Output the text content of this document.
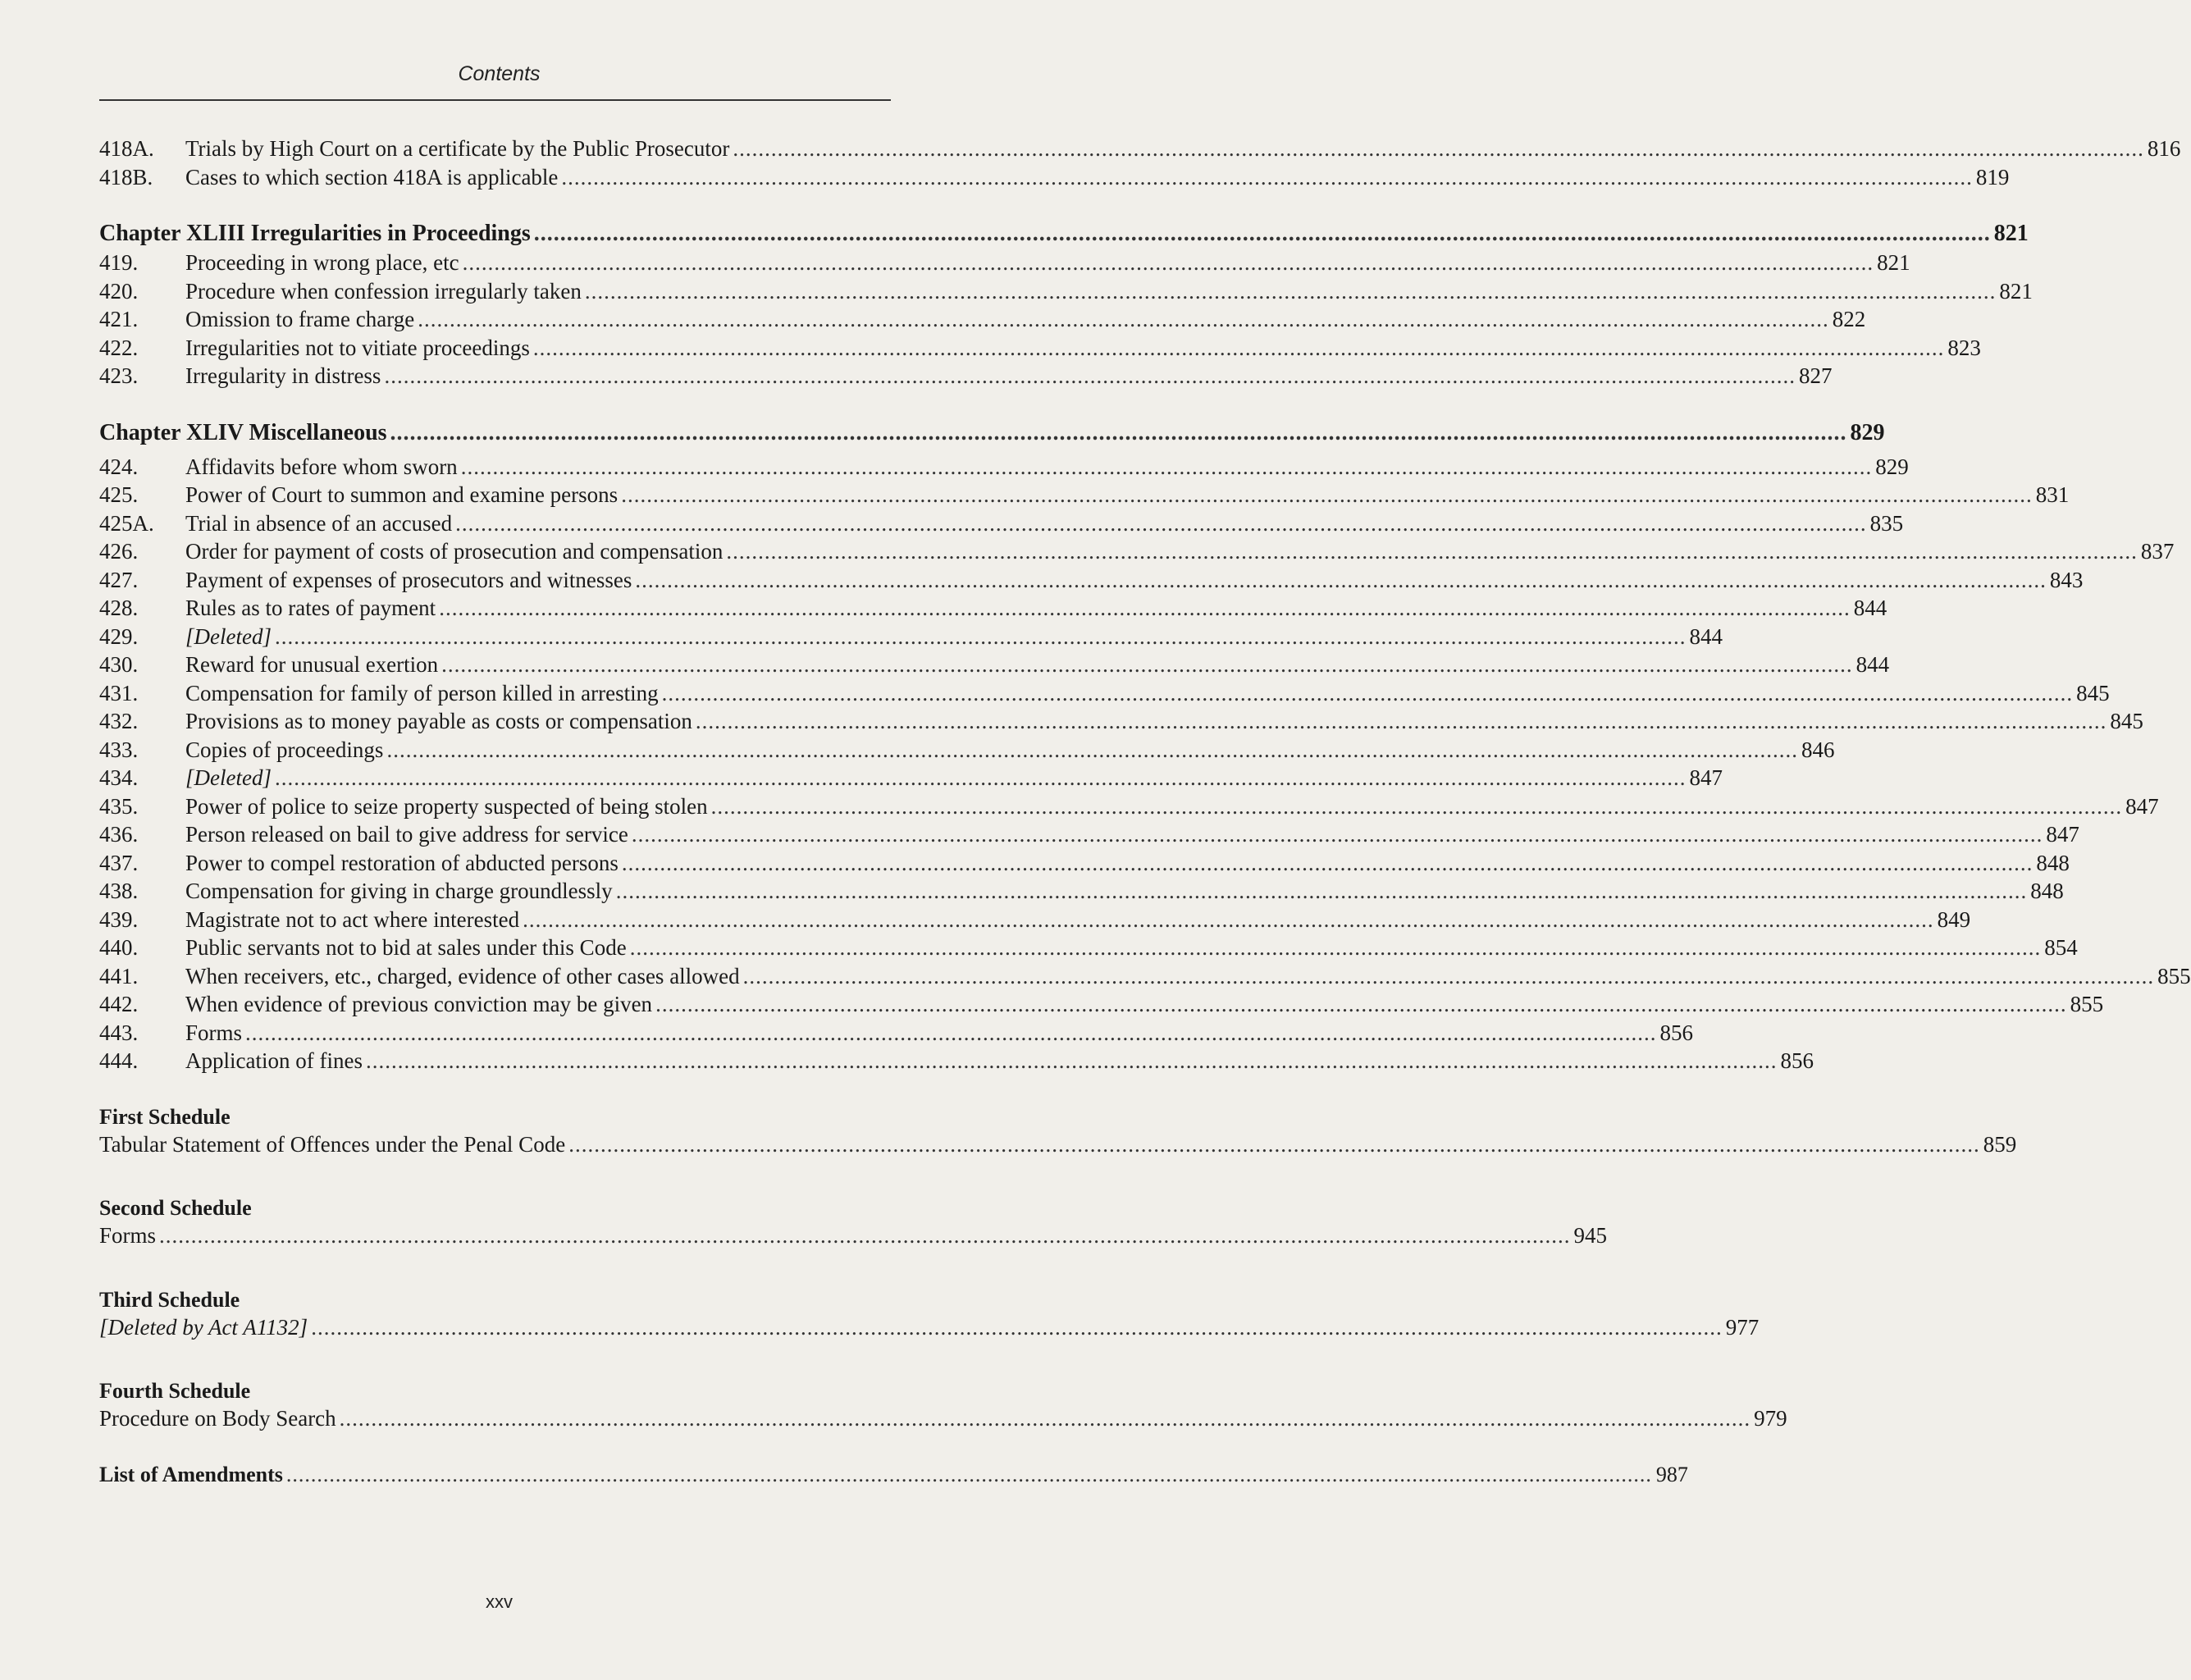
Contents
418A.	Trials by High Court on a certificate by the Public Prosecutor .............................................................................................................................................................................................................................. 816
418B.	Cases to which section 418A is applicable .............................................................................................................................................................................................................................. 819
Chapter XLIII Irregularities in Proceedings .............................................................................................................................................................................................................................. 821
419.	Proceeding in wrong place, etc .............................................................................................................................................................................................................................. 821
420.	Procedure when confession irregularly taken .............................................................................................................................................................................................................................. 821
421.	Omission to frame charge .............................................................................................................................................................................................................................. 822
422.	Irregularities not to vitiate proceedings .............................................................................................................................................................................................................................. 823
423.	Irregularity in distress .............................................................................................................................................................................................................................. 827
Chapter XLIV Miscellaneous .............................................................................................................................................................................................................................. 829
424.	Affidavits before whom sworn .............................................................................................................................................................................................................................. 829
425.	Power of Court to summon and examine persons .............................................................................................................................................................................................................................. 831
425A.	Trial in absence of an accused .............................................................................................................................................................................................................................. 835
426.	Order for payment of costs of prosecution and compensation .............................................................................................................................................................................................................................. 837
427.	Payment of expenses of prosecutors and witnesses .............................................................................................................................................................................................................................. 843
428.	Rules as to rates of payment .............................................................................................................................................................................................................................. 844
429.	[Deleted] .............................................................................................................................................................................................................................. 844
430.	Reward for unusual exertion .............................................................................................................................................................................................................................. 844
431.	Compensation for family of person killed in arresting .............................................................................................................................................................................................................................. 845
432.	Provisions as to money payable as costs or compensation .............................................................................................................................................................................................................................. 845
433.	Copies of proceedings .............................................................................................................................................................................................................................. 846
434.	[Deleted] .............................................................................................................................................................................................................................. 847
435.	Power of police to seize property suspected of being stolen .............................................................................................................................................................................................................................. 847
436.	Person released on bail to give address for service .............................................................................................................................................................................................................................. 847
437.	Power to compel restoration of abducted persons .............................................................................................................................................................................................................................. 848
438.	Compensation for giving in charge groundlessly .............................................................................................................................................................................................................................. 848
439.	Magistrate not to act where interested .............................................................................................................................................................................................................................. 849
440.	Public servants not to bid at sales under this Code .............................................................................................................................................................................................................................. 854
441.	When receivers, etc., charged, evidence of other cases allowed .............................................................................................................................................................................................................................. 855
442.	When evidence of previous conviction may be given .............................................................................................................................................................................................................................. 855
443.	Forms .............................................................................................................................................................................................................................. 856
444.	Application of fines .............................................................................................................................................................................................................................. 856
First Schedule
Tabular Statement of Offences under the Penal Code .............................................................................................................................................................................................................................. 859
Second Schedule
Forms .............................................................................................................................................................................................................................. 945
Third Schedule
[Deleted by Act A1132] .............................................................................................................................................................................................................................. 977
Fourth Schedule
Procedure on Body Search .............................................................................................................................................................................................................................. 979
List of Amendments .............................................................................................................................................................................................................................. 987
xxv
